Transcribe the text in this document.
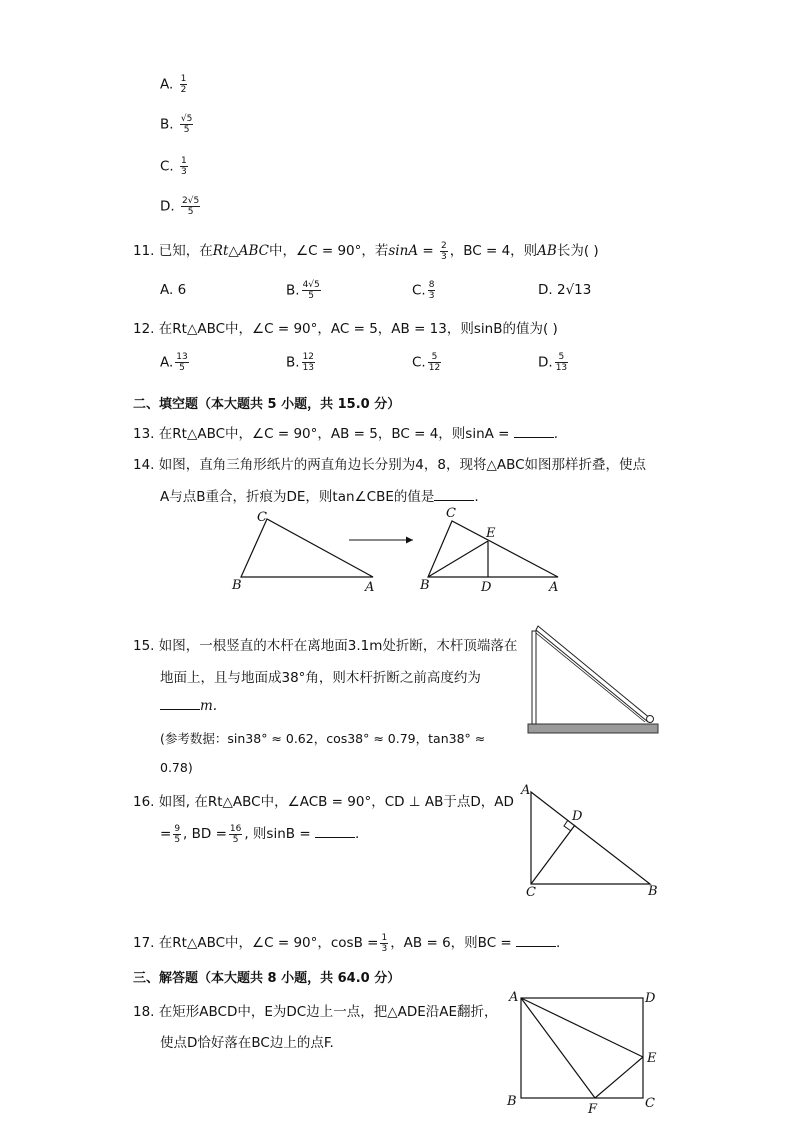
A. $\frac{1}{2}$
B. $\frac{√5}{5}$
C. $\frac{1}{3}$
D. $\frac{2√5}{5}$
11. 已知，在Rt△ABC中，∠C = 90°，若$\sin A = \frac{2}{3}$ ，BC = 4，则AB长为( )
A. 6	B. $\frac{4√5}{5}$	C. $\frac{8}{3}$	D. 2√13
12. 在Rt△ABC中，∠C = 90°，AC = 5，AB = 13，则sinB的值为( )
A. $\frac{13}{5}$	B. $\frac{12}{13}$	C. $\frac{5}{12}$	D. $\frac{5}{13}$
二、填空题（本大题共 5 小题，共 15.0 分）
13. 在Rt△ABC中，∠C = 90°，AB = 5，BC = 4，则sinA =	.
14. 如图，直角三角形纸片的两直角边长分别为4，8，现将△ABC如图那样折叠，使点
A与点B重合，折痕为DE，则tan∠CBE的值是	.
C
B	A
C
E
B	D	A
15. 如图，一根竖直的木杆在离地面3.1m处折断，木杆顶端落在
地面上，且与地面成38°角，则木杆折断之前高度约为
m.
(参考数据：sin38° ≈ 0.62，cos38° ≈ 0.79，tan38° ≈
0.78)
16. 如图, 在Rt△ABC中，∠ACB = 90°，CD ⊥ AB于点D，AD
= $\frac{9}{5}$ , BD = $\frac{16}{5}$ , 则sinB =	.
A
D
C	B
17. 在Rt△ABC中，∠C = 90°，$\cos B = \frac{1}{3}$ ，AB = 6，则BC =	.
三、解答题（本大题共 8 小题，共 64.0 分）
18. 在矩形ABCD中，E为DC边上一点，把△ADE沿AE翻折，
使点D恰好落在BC边上的点F.
A	D
E
B
F	C
